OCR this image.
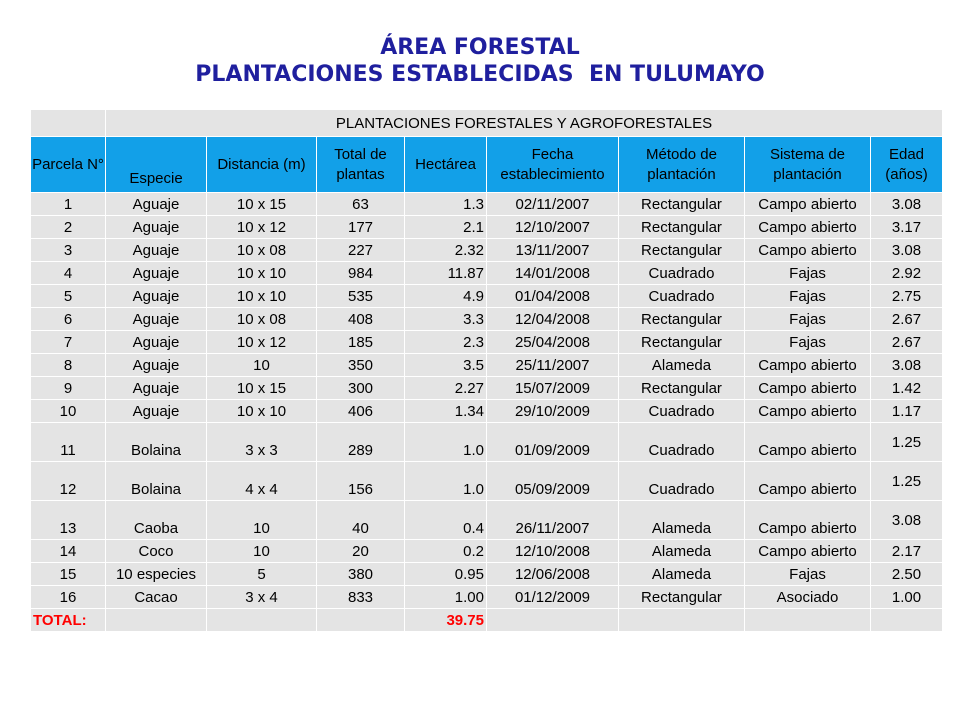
ÁREA FORESTAL
PLANTACIONES ESTABLECIDAS  EN TULUMAYO
	PLANTACIONES FORESTALES Y AGROFORESTALES							
Parcela N°	Especie	Distancia (m)	Total de plantas	Hectárea	Fecha establecimiento	Método de plantación	Sistema de plantación	Edad (años)
1	Aguaje	10 x 15	63	1.3	02/11/2007	Rectangular	Campo abierto	3.08
2	Aguaje	10 x 12	177	2.1	12/10/2007	Rectangular	Campo abierto	3.17
3	Aguaje	10 x 08	227	2.32	13/11/2007	Rectangular	Campo abierto	3.08
4	Aguaje	10 x 10	984	11.87	14/01/2008	Cuadrado	Fajas	2.92
5	Aguaje	10 x 10	535	4.9	01/04/2008	Cuadrado	Fajas	2.75
6	Aguaje	10 x 08	408	3.3	12/04/2008	Rectangular	Fajas	2.67
7	Aguaje	10 x 12	185	2.3	25/04/2008	Rectangular	Fajas	2.67
8	Aguaje	10	350	3.5	25/11/2007	Alameda	Campo abierto	3.08
9	Aguaje	10 x 15	300	2.27	15/07/2009	Rectangular	Campo abierto	1.42
10	Aguaje	10 x 10	406	1.34	29/10/2009	Cuadrado	Campo abierto	1.17
11	Bolaina	3 x 3	289	1.0	01/09/2009	Cuadrado	Campo abierto	1.25
12	Bolaina	4 x 4	156	1.0	05/09/2009	Cuadrado	Campo abierto	1.25
13	Caoba	10	40	0.4	26/11/2007	Alameda	Campo abierto	3.08
14	Coco	10	20	0.2	12/10/2008	Alameda	Campo abierto	2.17
15	10 especies	5	380	0.95	12/06/2008	Alameda	Fajas	2.50
16	Cacao	3 x 4	833	1.00	01/12/2009	Rectangular	Asociado	1.00
TOTAL:				39.75				
